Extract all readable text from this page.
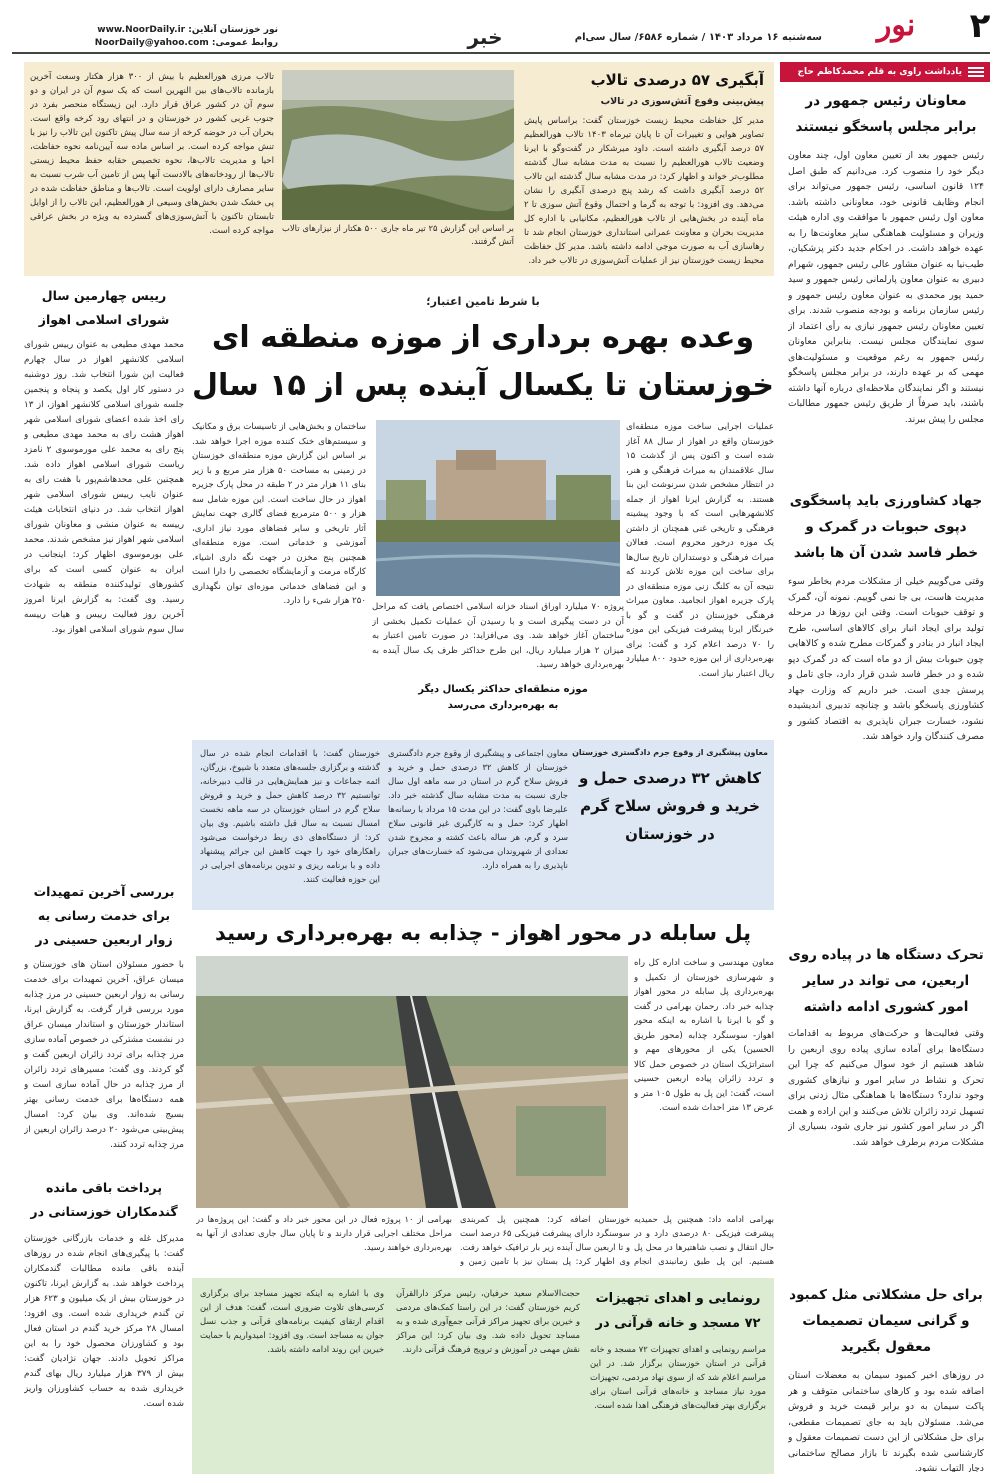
۲
نور
سه‌شنبه ۱۶ مرداد ۱۴۰۳ / شماره ۶۵۸۶/ سال سی‌ام
خبر
نور خوزستان آنلاین: www.NoorDaily.ir
روابط عمومی: NoorDaily@yahoo.com
یادداشت راوی به قلم محمدکاظم حاج
معاونان رئیس جمهور در برابر مجلس پاسخگو نیستند
رئیس جمهور بعد از تعیین معاون اول، چند معاون دیگر خود را منصوب کرد. می‌دانیم که طبق اصل ۱۲۴ قانون اساسی، رئیس جمهور می‌تواند برای انجام وظایف قانونی خود، معاونانی داشته باشد. معاون اول رئیس جمهور با موافقت وی اداره هیئت وزیران و مسئولیت هماهنگی سایر معاونت‌ها را به عهده خواهد داشت. در احکام جدید دکتر پزشکیان، طیب‌نیا به عنوان مشاور عالی رئیس جمهور، شهرام دبیری به عنوان معاون پارلمانی رئیس جمهور و سید حمید پور محمدی به عنوان معاون رئیس جمهور و رئیس سازمان برنامه و بودجه منصوب شدند. برای تعیین معاونان رئیس جمهور نیازی به رأی اعتماد از سوی نمایندگان مجلس نیست. بنابراین معاونان رئیس جمهور به رغم موقعیت و مسئولیت‌های مهمی که بر عهده دارند، در برابر مجلس پاسخگو نیستند و اگر نمایندگان ملاحظه‌ای درباره آنها داشته باشند، باید صرفاً از طریق رئیس جمهور مطالبات مجلس را پیش ببرند.
جهاد کشاورزی باید پاسخگوی دپوی حبوبات در گمرک و خطر فاسد شدن آن ها باشد
وقتی می‌گوییم خیلی از مشکلات مردم بخاطر سوء مدیریت هاست، بی جا نمی گوییم. نمونه آن، گمرک و توقف حبوبات است. وقتی این روزها در مرحله تولید برای ایجاد انبار برای کالاهای اساسی، طرح ایجاد انبار در بنادر و گمرکات مطرح شده و کالاهایی چون حبوبات بیش از دو ماه است که در گمرک دپو شده و در خطر فاسد شدن قرار دارد، جای تامل و پرسش جدی است. خبر داریم که وزارت جهاد کشاورزی پاسخگو باشد و چنانچه تدبیری اندیشیده نشود، خسارت جبران ناپذیری به اقتصاد کشور و مصرف کنندگان وارد خواهد شد.
تحرک دستگاه ها در پیاده روی اربعین، می تواند در سایر امور کشوری ادامه داشته
وقتی فعالیت‌ها و حرکت‌های مربوط به اقدامات دستگاه‌ها برای آماده سازی پیاده روی اربعین را شاهد هستیم از خود سوال می‌کنیم که چرا این تحرک و نشاط در سایر امور و نیازهای کشوری وجود ندارد؟ دستگاه‌ها با هماهنگی مثال زدنی برای تسهیل تردد زائران تلاش می‌کنند و این اراده و همت اگر در سایر امور کشور نیز جاری شود، بسیاری از مشکلات مردم برطرف خواهد شد.
برای حل مشکلاتی مثل کمبود و گرانی سیمان تصمیمات معقول بگیرید
در روزهای اخیر کمبود سیمان به معضلات استان اضافه شده بود و کارهای ساختمانی متوقف و هر پاکت سیمان به دو برابر قیمت خرید و فروش می‌شد. مسئولان باید به جای تصمیمات مقطعی، برای حل مشکلاتی از این دست تصمیمات معقول و کارشناسی شده بگیرند تا بازار مصالح ساختمانی دچار التهاب نشود.
آبگیری ۵۷ درصدی تالاب
پیش‌بینی وقوع آتش‌سوزی در تالاب
مدیر کل حفاظت محیط زیست خوزستان گفت: براساس پایش تصاویر هوایی و تغییرات آن تا پایان تیرماه ۱۴۰۳ تالاب هورالعظیم ۵۷ درصد آبگیری داشته است. داود میرشکار در گفت‌وگو با ایرنا وضعیت تالاب هورالعظیم را نسبت به مدت مشابه سال گذشته مطلوب‌تر خواند و اظهار کرد: در مدت مشابه سال گذشته این تالاب ۵۲ درصد آبگیری داشت که رشد پنج درصدی آبگیری را نشان می‌دهد. وی افزود: با توجه به گرما و احتمال وقوع آتش سوزی تا ۲ ماه آینده در بخش‌هایی از تالاب هورالعظیم، مکانیابی با اداره کل مدیریت بحران و معاونت عمرانی استانداری خوزستان انجام شد تا رهاسازی آب به صورت موجی ادامه داشته باشد. مدیر کل حفاظت محیط زیست خوزستان نیز از عملیات آتش‌سوزی در تالاب خبر داد.
بر اساس این گزارش ۲۵ تیر ماه جاری ۵۰۰ هکتار از نیزارهای تالاب آتش گرفتند.
تالاب مرزی هورالعظیم با بیش از ۳۰۰ هزار هکتار وسعت آخرین بازمانده تالاب‌های بین النهرین است که یک سوم آن در ایران و دو سوم آن در کشور عراق قرار دارد. این زیستگاه منحصر بفرد در جنوب غربی کشور در خوزستان و در انتهای رود کرخه واقع است. بحران آب در حوضه کرخه از سه سال پیش تاکنون این تالاب را نیز با تنش مواجه کرده است. بر اساس ماده سه آیین‌نامه نحوه حفاظت، احیا و مدیریت تالاب‌ها، نحوه تخصیص حقابه حفظ محیط زیستی تالاب‌ها از رودخانه‌های بالادست آنها پس از تامین آب شرب نسبت به سایر مصارف دارای اولویت است. تالاب‌ها و مناطق حفاظت شده در پی خشک شدن بخش‌های وسیعی از هورالعظیم، این تالاب را از اوایل تابستان تاکنون با آتش‌سوزی‌های گسترده به ویژه در بخش عراقی مواجه کرده است.
رییس چهارمین سال شورای اسلامی اهواز
محمد مهدی مطیعی به عنوان رییس شورای اسلامی کلانشهر اهواز در سال چهارم فعالیت این شورا انتخاب شد. روز دوشنبه در دستور کار اول یکصد و پنجاه و پنجمین جلسه شورای اسلامی کلانشهر اهواز، از ۱۳ رای اخذ شده اعضای شورای اسلامی شهر اهواز هشت رای به محمد مهدی مطیعی و پنج رای به محمد علی مورموسوی ۲ نامزد ریاست شورای اسلامی اهواز داده شد. همچنین علی محدهاشم‌پور با هفت رای به عنوان نایب رییس شورای اسلامی شهر اهواز انتخاب شد. در دنیای انتخابات هیئت رییسه به عنوان منشی و معاونان شورای اسلامی شهر اهواز نیز مشخص شدند. محمد علی بورموسوی اظهار کرد: اینجانب در ایران به عنوان کسی است که برای کشورهای تولیدکننده منطقه به شهادت رسید. وی گفت: به گزارش ایرنا امروز آخرین روز فعالیت رییس و هیات رییسه سال سوم شورای اسلامی اهواز بود.
با شرط تامین اعتبار؛
وعده بهره برداری از موزه منطقه ای خوزستان تا یکسال آینده پس از ۱۵ سال
عملیات اجرایی ساخت موزه منطقه‌ای خوزستان واقع در اهواز از سال ۸۸ آغاز شده است و اکنون پس از گذشت ۱۵ سال علاقمندان به میراث فرهنگی و هنر، در انتظار مشخص شدن سرنوشت این بنا هستند. به گزارش ایرنا اهواز از جمله کلانشهرهایی است که با وجود پیشینه فرهنگی و تاریخی غنی همچنان از داشتن یک موزه درخور محروم است. فعالان میراث فرهنگی و دوستداران تاریخ سال‌ها برای ساخت این موزه تلاش کردند که نتیجه آن به کلنگ زنی موزه منطقه‌ای در پارک جزیره اهواز انجامید. معاون میراث فرهنگی خوزستان در گفت و گو با خبرنگار ایرنا پیشرفت فیزیکی این موزه را ۷۰ درصد اعلام کرد و گفت: برای بهره‌برداری از این موزه حدود ۸۰۰ میلیارد ریال اعتبار نیاز است.
پروژه ۷۰ میلیارد اوراق اسناد خزانه اسلامی اختصاص یافت که مراحل آن در دست پیگیری است و با رسیدن آن عملیات تکمیل بخشی از ساختمان آغاز خواهد شد. وی می‌افزاید: در صورت تامین اعتبار به میزان ۲ هزار میلیارد ریال، این طرح حداکثر ظرف یک سال آینده به بهره‌برداری خواهد رسید.
موزه منطقه‌ای حداکثر یکسال دیگر به بهره‌برداری می‌رسد
ساختمان و بخش‌هایی از تاسیسات برق و مکانیک و سیستم‌های خنک کننده موزه اجرا خواهد شد. بر اساس این گزارش موزه منطقه‌ای خوزستان در زمینی به مساحت ۵۰ هزار متر مربع و با زیر بنای ۱۱ هزار متر در ۲ طبقه در محل پارک جزیره اهواز در حال ساخت است. این موزه شامل سه هزار و ۵۰۰ مترمربع فضای گالری جهت نمایش آثار تاریخی و سایر فضاهای مورد نیاز اداری، آموزشی و خدماتی است. موزه منطقه‌ای همچنین پنج مخزن در جهت نگه داری اشیاء، کارگاه مرمت و آزمایشگاه تخصصی را دارا است و این فضاهای خدماتی موزه‌ای توان نگهداری ۲۵۰ هزار شیء را دارد.
معاون پیشگیری از وقوع جرم دادگستری خوزستان
کاهش ۳۲ درصدی حمل و خرید و فروش سلاح گرم در خوزستان
معاون اجتماعی و پیشگیری از وقوع جرم دادگستری خوزستان از کاهش ۳۲ درصدی حمل و خرید و فروش سلاح گرم در استان در سه ماهه اول سال جاری نسبت به مدت مشابه سال گذشته خبر داد. علیرضا باوی گفت: در این مدت ۱۵ مرداد با رسانه‌ها اظهار کرد: حمل و به کارگیری غیر قانونی سلاح سرد و گرم، هر ساله باعث کشته و مجروح شدن تعدادی از شهروندان می‌شود که خسارت‌های جبران ناپذیری را به همراه دارد.
خوزستان گفت: با اقدامات انجام شده در سال گذشته و برگزاری جلسه‌های متعدد با شیوخ، بزرگان، ائمه جماعات و نیز همایش‌هایی در قالب دبیرخانه، توانستیم ۳۲ درصد کاهش حمل و خرید و فروش سلاح گرم در استان خوزستان در سه ماهه نخست امسال نسبت به سال قبل داشته باشیم. وی بیان کرد: از دستگاه‌های ذی ربط درخواست می‌شود راهکارهای خود را جهت کاهش این جرائم پیشنهاد داده و با برنامه ریزی و تدوین برنامه‌های اجرایی در این حوزه فعالیت کنند.
بررسی آخرین تمهیدات برای خدمت رسانی به زوار اربعین حسینی در
با حضور مسئولان استان های خوزستان و میسان عراق، آخرین تمهیدات برای خدمت رسانی به زوار اربعین حسینی در مرز چذابه مورد بررسی قرار گرفت. به گزارش ایرنا، استاندار خوزستان و استاندار میسان عراق در نشست مشترکی در خصوص آماده سازی مرز چذابه برای تردد زائران اربعین گفت و گو کردند. وی گفت: مسیرهای تردد زائران از مرز چذابه در حال آماده سازی است و همه دستگاه‌ها برای خدمت رسانی بهتر بسیج شده‌اند. وی بیان کرد: امسال پیش‌بینی می‌شود ۲۰ درصد زائران اربعین از مرز چذابه تردد کنند.
پل سابله در محور اهواز - چذابه به بهره‌برداری رسید
معاون مهندسی و ساخت اداره کل راه و شهرسازی خوزستان از تکمیل و بهره‌برداری پل سابله در محور اهواز چذابه خبر داد. رحمان بهرامی در گفت و گو با ایرنا با اشاره به اینکه محور اهواز- سوسنگرد چذابه (محور طریق الحسین) یکی از محورهای مهم و استراتژیک استان در خصوص حمل کالا و تردد زائران پیاده اربعین حسینی است، گفت: این پل به طول ۱۰۵ متر و عرض ۱۳ متر احداث شده است.
بهرامی ادامه داد: همچنین پل حمیدیه پیشرفت فیزیکی ۸۰ درصدی دارد و در حال انتقال و نصب شاهتیرها در محل پل هستیم. این پل طبق زمانبندی انجام
خوزستان اضافه کرد: همچنین پل کمربندی سوسنگرد دارای پیشرفت فیزیکی ۶۵ درصد است و تا اربعین سال آینده زیر بار ترافیک خواهد رفت. وی اظهار کرد: پل بستان نیز با تامین زمین و
بهرامی از ۱۰ پروژه فعال در این محور خبر داد و گفت: این پروژه‌ها در مراحل مختلف اجرایی قرار دارند و تا پایان سال جاری تعدادی از آنها به بهره‌برداری خواهند رسید.
پرداخت باقی مانده گندمکاران خوزستانی در
مدیرکل غله و خدمات بازرگانی خوزستان گفت: با پیگیری‌های انجام شده در روزهای آینده باقی مانده مطالبات گندمکاران پرداخت خواهد شد. به گزارش ایرنا، تاکنون در خوزستان بیش از یک میلیون و ۶۲۳ هزار تن گندم خریداری شده است. وی افزود: امسال ۲۸ مرکز خرید گندم در استان فعال بود و کشاورزان محصول خود را به این مراکز تحویل دادند. جهان نژادیان گفت: بیش از ۳۷۹ هزار میلیارد ریال بهای گندم خریداری شده به حساب کشاورزان واریز شده است.
رونمایی و اهدای تجهیزات ۷۲ مسجد و خانه قرآنی در
مراسم رونمایی و اهدای تجهیزات ۷۲ مسجد و خانه قرآنی در استان خوزستان برگزار شد. در این مراسم اعلام شد که از سوی نهاد مردمی، تجهیزات مورد نیاز مساجد و خانه‌های قرآنی استان برای برگزاری بهتر فعالیت‌های فرهنگی اهدا شده است.
حجت‌الاسلام سعید حرفیان، رئیس مرکز دارالقرآن کریم خوزستان گفت: در این راستا کمک‌های مردمی و خیرین برای تجهیز مراکز قرآنی جمع‌آوری شده و به مساجد تحویل داده شد. وی بیان کرد: این مراکز نقش مهمی در آموزش و ترویج فرهنگ قرآنی دارند.
وی با اشاره به اینکه تجهیز مساجد برای برگزاری کرسی‌های تلاوت ضروری است، گفت: هدف از این اقدام ارتقای کیفیت برنامه‌های قرآنی و جذب نسل جوان به مساجد است. وی افزود: امیدواریم با حمایت خیرین این روند ادامه داشته باشد.
